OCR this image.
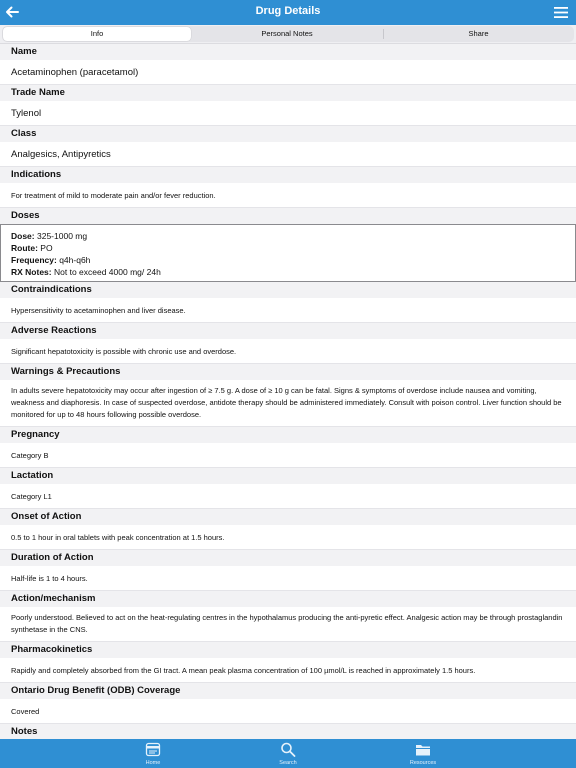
Drug Details
Info	Personal Notes	Share
Name
Acetaminophen (paracetamol)
Trade Name
Tylenol
Class
Analgesics, Antipyretics
Indications
For treatment of mild to moderate pain and/or fever reduction.
Doses
Dose: 325-1000 mg
Route: PO
Frequency: q4h-q6h
RX Notes: Not to exceed 4000 mg/ 24h
Contraindications
Hypersensitivity to acetaminophen and liver disease.
Adverse Reactions
Significant hepatotoxicity is possible with chronic use and overdose.
Warnings & Precautions
In adults severe hepatotoxicity may occur after ingestion of ≥ 7.5 g. A dose of ≥ 10 g can be fatal. Signs & symptoms of overdose include nausea and vomiting, weakness and diaphoresis. In case of suspected overdose, antidote therapy should be administered immediately. Consult with poison control. Liver function should be monitored for up to 48 hours following possible overdose.
Pregnancy
Category B
Lactation
Category L1
Onset of Action
0.5 to 1 hour in oral tablets with peak concentration at 1.5 hours.
Duration of Action
Half-life is 1 to 4 hours.
Action/mechanism
Poorly understood. Believed to act on the heat-regulating centres in the hypothalamus producing the anti-pyretic effect. Analgesic action may be through prostaglandin synthetase in the CNS.
Pharmacokinetics
Rapidly and completely absorbed from the GI tract. A mean peak plasma concentration of 100 µmol/L is reached in approximately 1.5 hours.
Ontario Drug Benefit (ODB) Coverage
Covered
Notes
Home	Search	Resources
